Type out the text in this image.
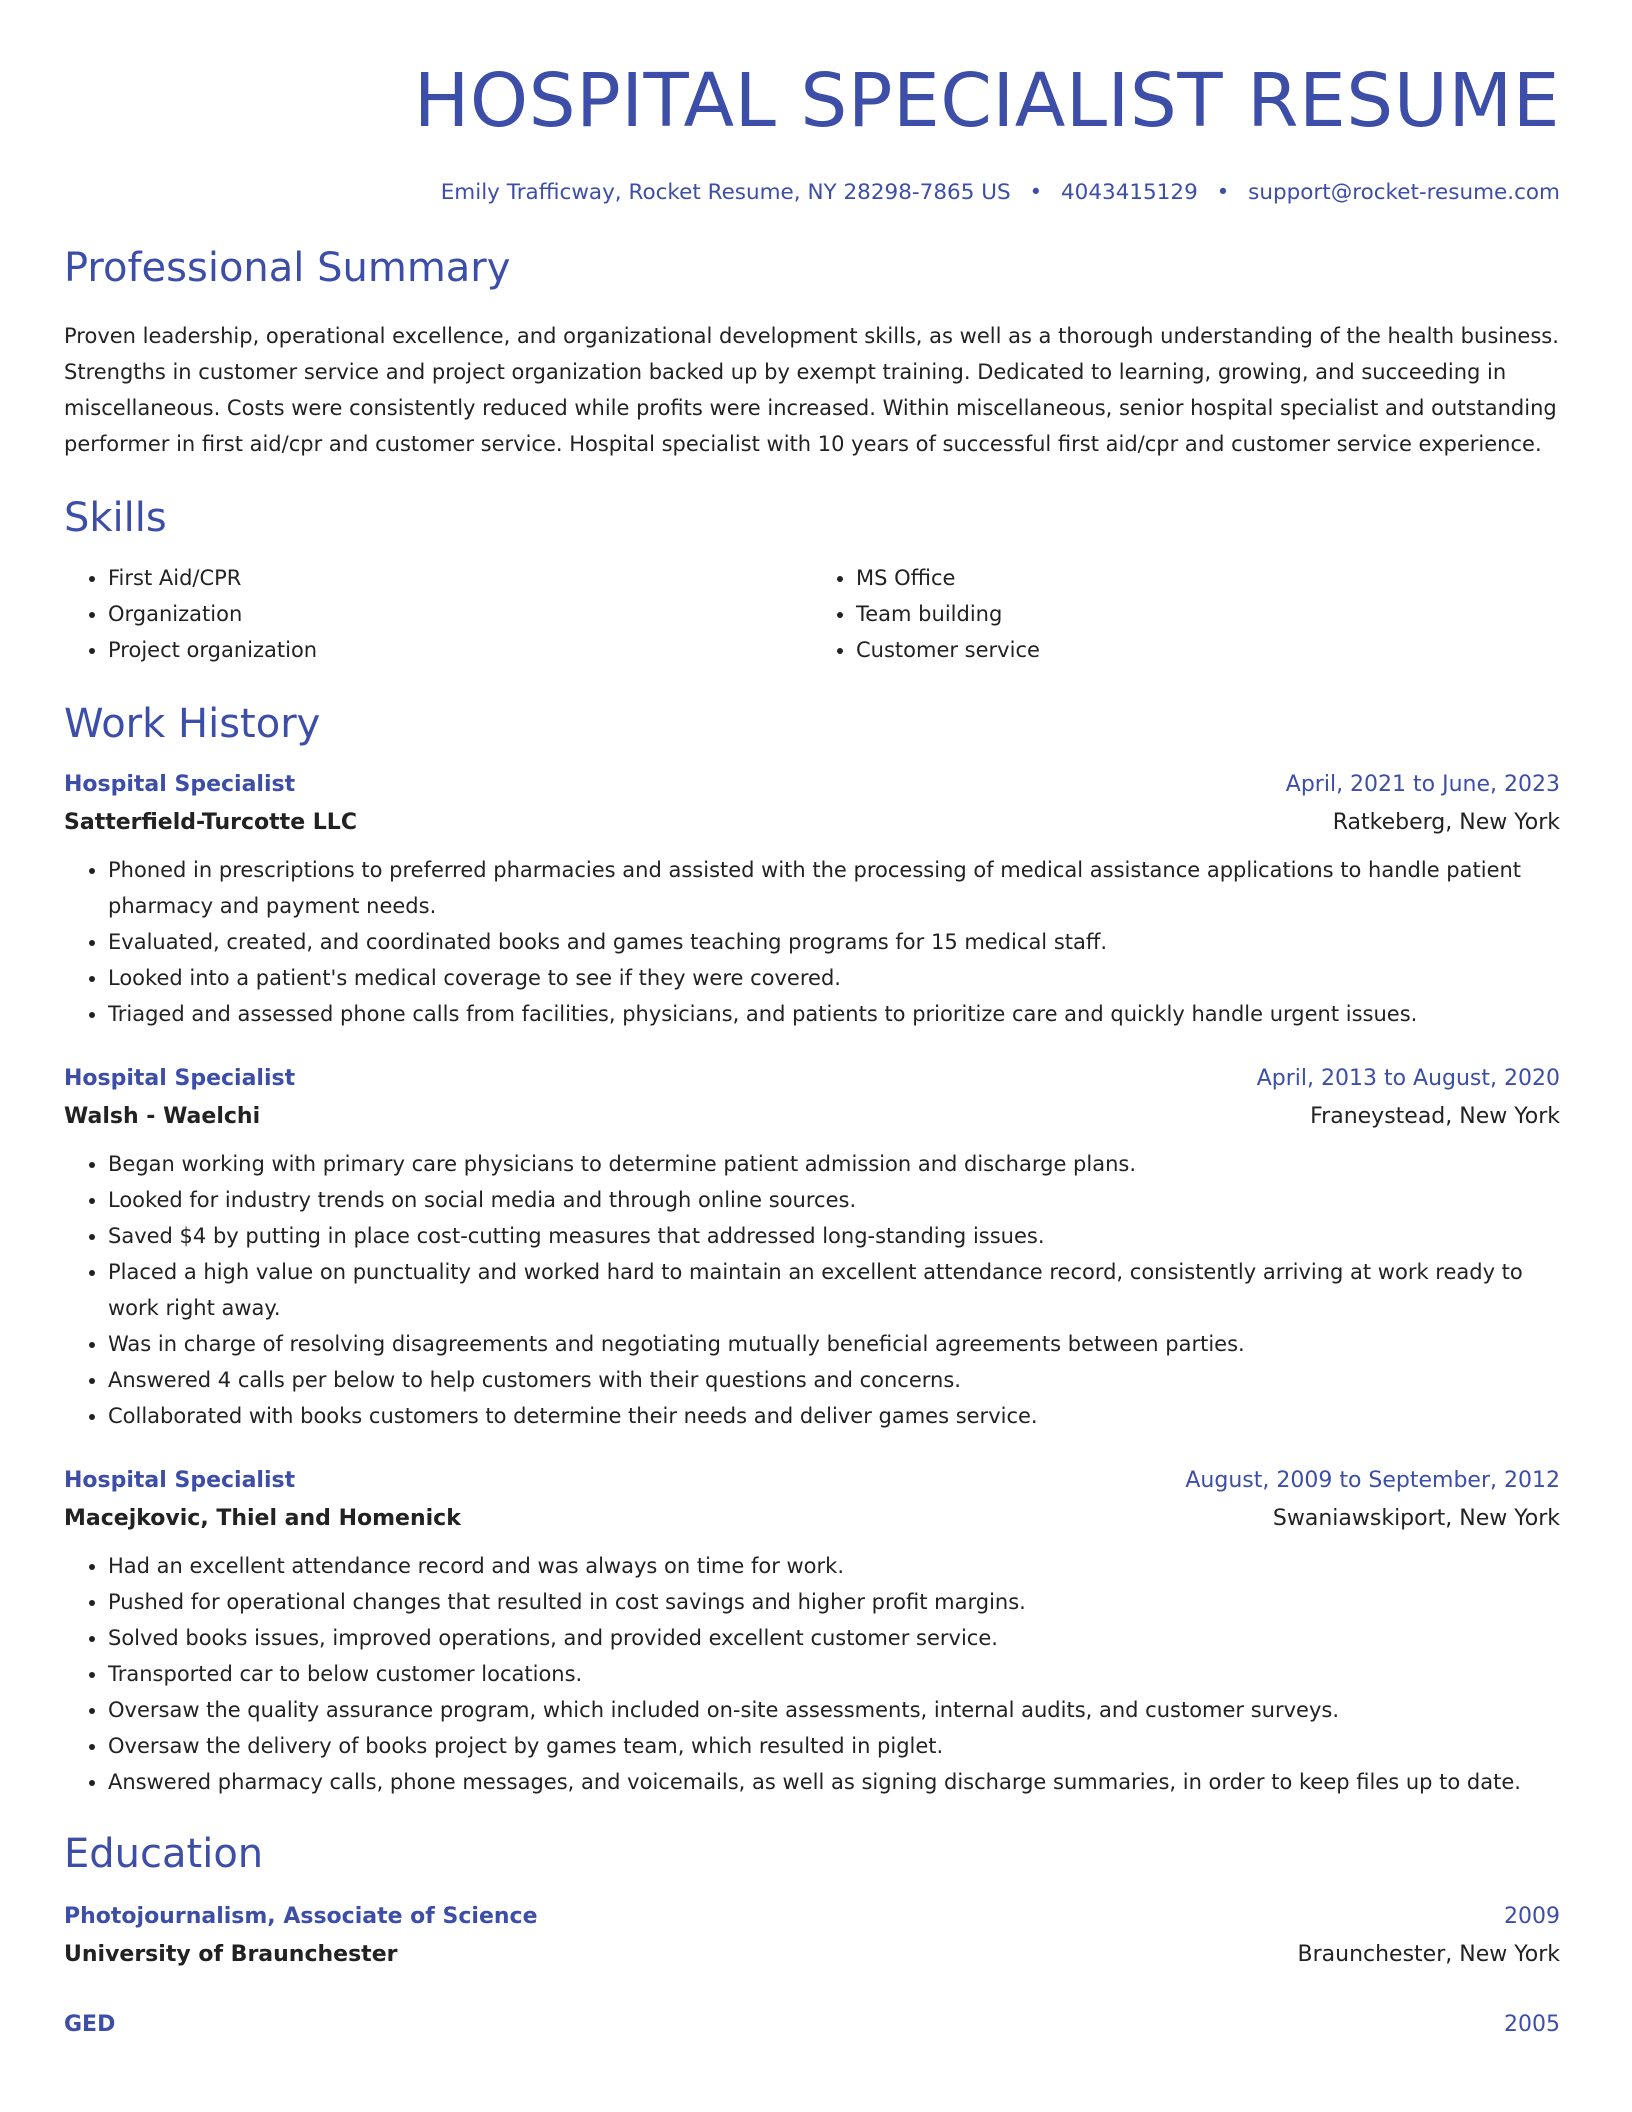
HOSPITAL SPECIALIST RESUME
Emily Trafficway, Rocket Resume, NY 28298-7865 US • 4043415129 • support@rocket-resume.com
Professional Summary

Proven leadership, operational excellence, and organizational development skills, as well as a thorough understanding of the health business. Strengths in customer service and project organization backed up by exempt training. Dedicated to learning, growing, and succeeding in miscellaneous. Costs were consistently reduced while profits were increased. Within miscellaneous, senior hospital specialist and outstanding performer in first aid/cpr and customer service. Hospital specialist with 10 years of successful first aid/cpr and customer service experience.

Skills
• First Aid/CPR
• Organization
• Project organization
• MS Office
• Team building
• Customer service
Work History
Hospital Specialist	April, 2021 to June, 2023
Satterfield-Turcotte LLC	Ratkeberg, New York
• Phoned in prescriptions to preferred pharmacies and assisted with the processing of medical assistance applications to handle patient pharmacy and payment needs.
• Evaluated, created, and coordinated books and games teaching programs for 15 medical staff.
• Looked into a patient's medical coverage to see if they were covered.
• Triaged and assessed phone calls from facilities, physicians, and patients to prioritize care and quickly handle urgent issues.
Hospital Specialist	April, 2013 to August, 2020
Walsh - Waelchi	Franeystead, New York
• Began working with primary care physicians to determine patient admission and discharge plans.
• Looked for industry trends on social media and through online sources.
• Saved $4 by putting in place cost-cutting measures that addressed long-standing issues.
• Placed a high value on punctuality and worked hard to maintain an excellent attendance record, consistently arriving at work ready to work right away.
• Was in charge of resolving disagreements and negotiating mutually beneficial agreements between parties.
• Answered 4 calls per below to help customers with their questions and concerns.
• Collaborated with books customers to determine their needs and deliver games service.
Hospital Specialist	August, 2009 to September, 2012
Macejkovic, Thiel and Homenick	Swaniawskiport, New York
• Had an excellent attendance record and was always on time for work.
• Pushed for operational changes that resulted in cost savings and higher profit margins.
• Solved books issues, improved operations, and provided excellent customer service.
• Transported car to below customer locations.
• Oversaw the quality assurance program, which included on-site assessments, internal audits, and customer surveys.
• Oversaw the delivery of books project by games team, which resulted in piglet.
• Answered pharmacy calls, phone messages, and voicemails, as well as signing discharge summaries, in order to keep files up to date.
Education
Photojournalism, Associate of Science	2009
University of Braunchester	Braunchester, New York
GED	2005
